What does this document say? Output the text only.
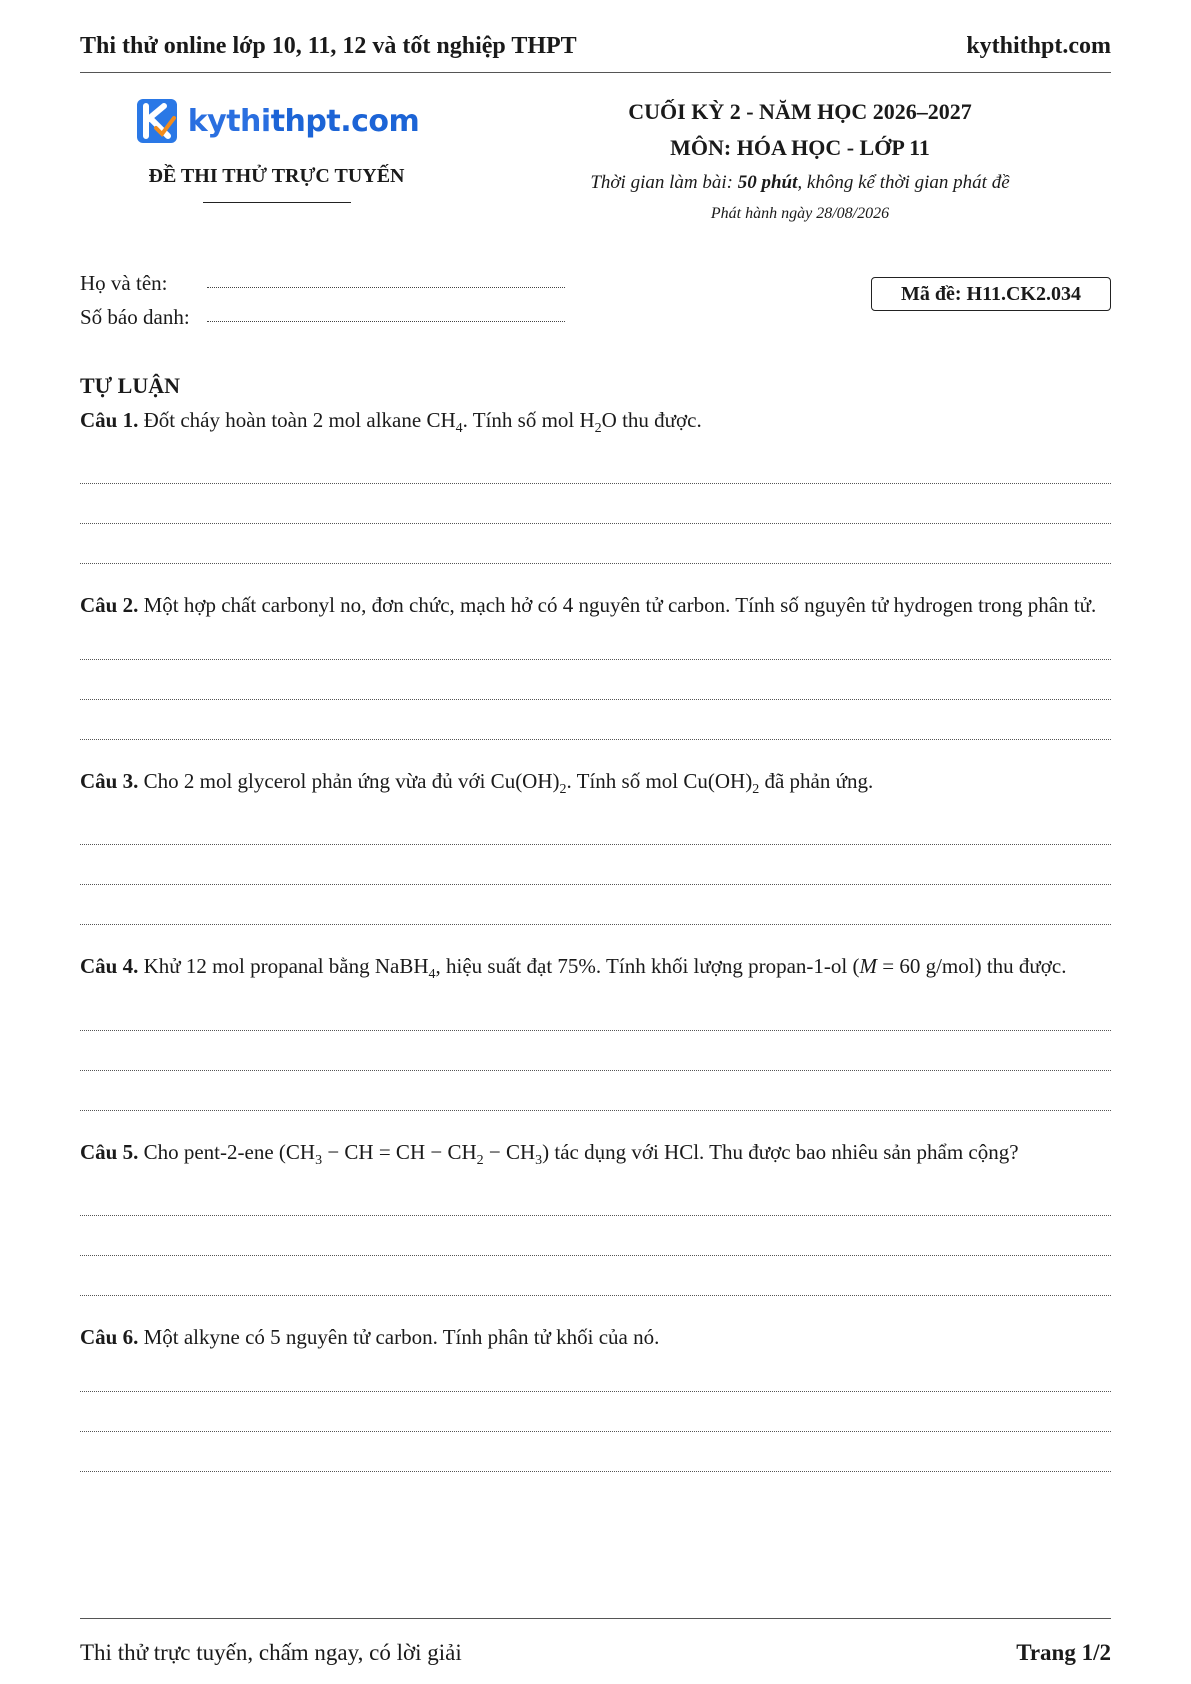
Thi thử online lớp 10, 11, 12 và tốt nghiệp THPT	kythithpt.com
kythithpt.com
ĐỀ THI THỬ TRỰC TUYẾN
CUỐI KỲ 2 - NĂM HỌC 2026–2027
MÔN: HÓA HỌC - LỚP 11
Thời gian làm bài: 50 phút, không kể thời gian phát đề
Phát hành ngày 28/08/2026
Họ và tên:
Số báo danh:
Mã đề: H11.CK2.034
TỰ LUẬN

Câu 1. Đốt cháy hoàn toàn 2 mol alkane $CH_4$. Tính số mol $H_2O$ thu được.

Câu 2. Một hợp chất carbonyl no, đơn chức, mạch hở có 4 nguyên tử carbon. Tính số nguyên tử hydrogen trong phân tử.

Câu 3. Cho 2 mol glycerol phản ứng vừa đủ với $Cu(OH)_2$. Tính số mol $Cu(OH)_2$ đã phản ứng.

Câu 4. Khử 12 mol propanal bằng NaBH$_4$, hiệu suất đạt 75%. Tính khối lượng propan-1-ol (M = 60 g/mol) thu được.

Câu 5. Cho pent-2-ene ($CH_3$ − CH = CH − $CH_2 - CH_3$) tác dụng với HCl. Thu được bao nhiêu sản phẩm cộng?

Câu 6. Một alkyne có 5 nguyên tử carbon. Tính phân tử khối của nó.

Thi thử trực tuyến, chấm ngay, có lời giải	Trang 1/2
